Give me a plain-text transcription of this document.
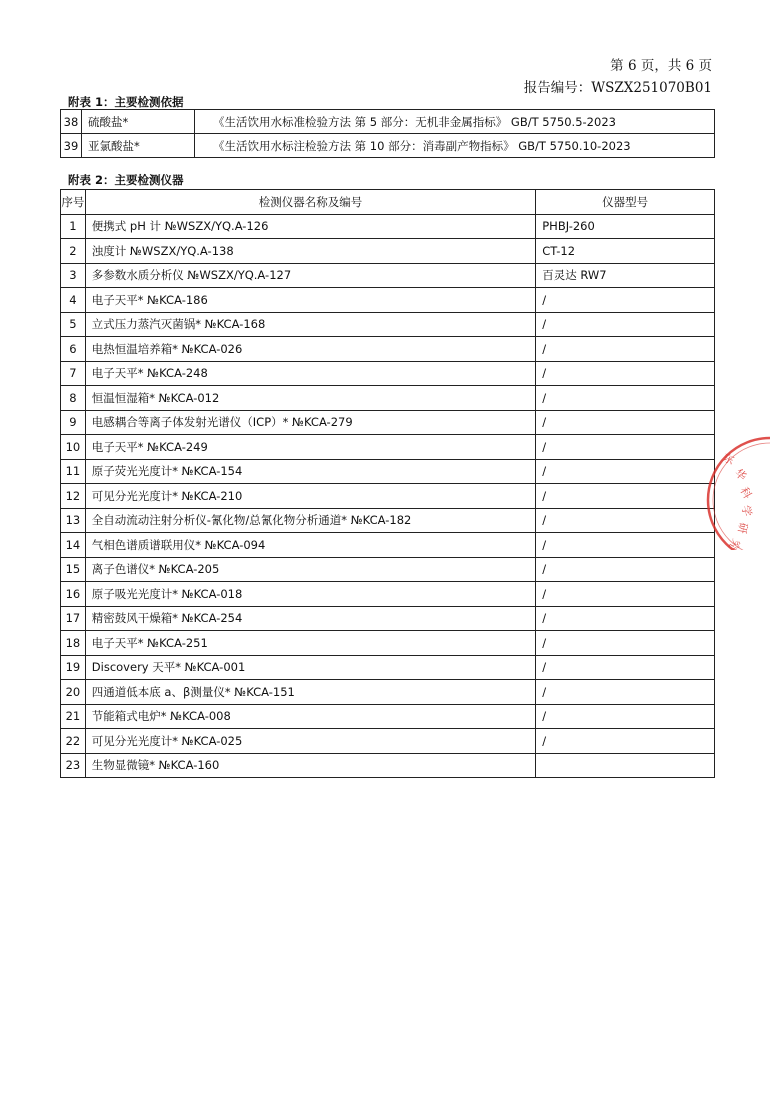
第 6 页，共 6 页
报告编号：WSZX251070B01
附表 1：主要检测依据
38	硫酸盐*	《生活饮用水标准检验方法 第 5 部分：无机非金属指标》 GB/T 5750.5-2023
39	亚氯酸盐*	《生活饮用水标注检验方法 第 10 部分：消毒副产物指标》 GB/T 5750.10-2023
附表 2：主要检测仪器
序号	检测仪器名称及编号	仪器型号
1	便携式 pH 计 №WSZX/YQ.A-126	PHBJ-260
2	浊度计 №WSZX/YQ.A-138	CT-12
3	多参数水质分析仪 №WSZX/YQ.A-127	百灵达 RW7
4	电子天平* №KCA-186	/
5	立式压力蒸汽灭菌锅* №KCA-168	/
6	电热恒温培养箱* №KCA-026	/
7	电子天平* №KCA-248	/
8	恒温恒湿箱* №KCA-012	/
9	电感耦合等离子体发射光谱仪（ICP）* №KCA-279	/
10	电子天平* №KCA-249	/
11	原子荧光光度计* №KCA-154	/
12	可见分光光度计* №KCA-210	/
13	全自动流动注射分析仪-氰化物/总氰化物分析通道* №KCA-182	/
14	气相色谱质谱联用仪* №KCA-094	/
15	离子色谱仪* №KCA-205	/
16	原子吸光光度计* №KCA-018	/
17	精密鼓风干燥箱* №KCA-254	/
18	电子天平* №KCA-251	/
19	Discovery 天平* №KCA-001	/
20	四通道低本底 a、β测量仪* №KCA-151	/
21	节能箱式电炉* №KCA-008	/
22	可见分光光度计* №KCA-025	/
23	生物显微镜* №KCA-160	
东
华
科
学
研
究
